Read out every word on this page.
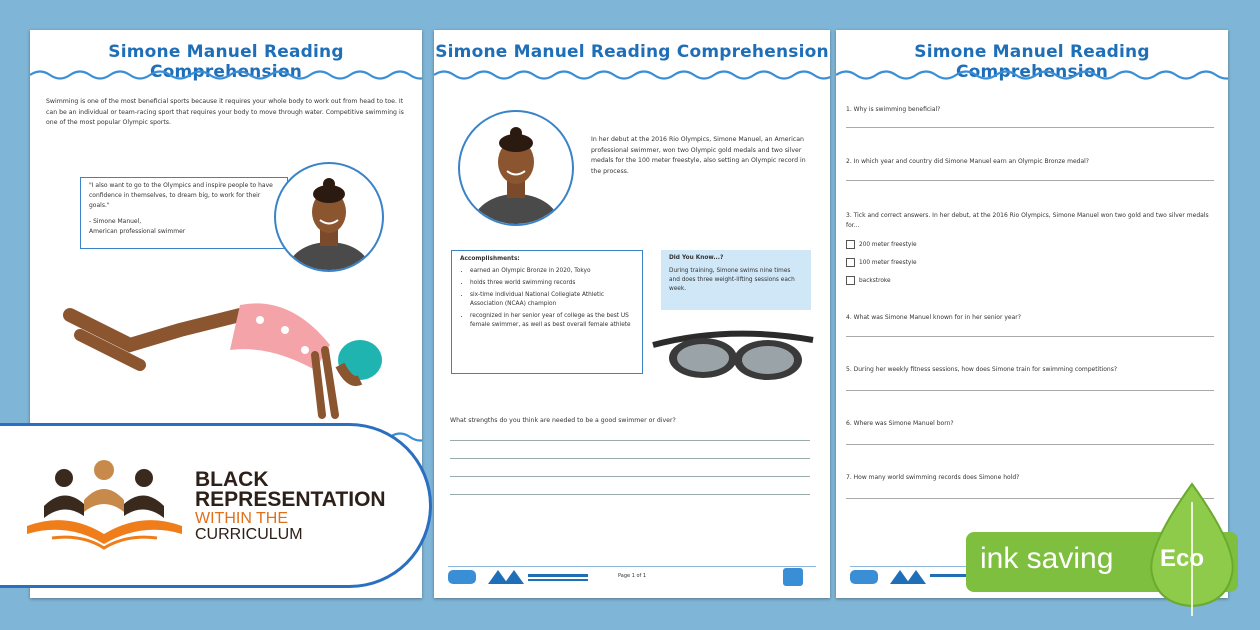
Simone Manuel Reading Comprehension
Swimming is one of the most beneficial sports because it requires your whole body to work out from head to toe. It can be an individual or team-racing sport that requires your body to move through water. Competitive swimming is one of the most popular Olympic sports.
"I also want to go to the Olympics and inspire people to have confidence in themselves, to dream big, to work for their goals."
- Simone Manuel,
American professional swimmer
Simone Manuel Reading Comprehension
In her debut at the 2016 Rio Olympics, Simone Manuel, an American professional swimmer, won two Olympic gold medals and two silver medals for the 100 meter freestyle, also setting an Olympic record in the process.
Accomplishments:
• earned an Olympic Bronze in 2020, Tokyo
• holds three world swimming records
• six-time individual National Collegiate Athletic Association (NCAA) champion
• recognized in her senior year of college as the best US female swimmer, as well as best overall female athlete
Did You Know...?
During training, Simone swims nine times and does three weight-lifting sessions each week.
What strengths do you think are needed to be a good swimmer or diver?
Page 1 of 1
Simone Manuel Reading Comprehension
1. Why is swimming beneficial?
2. In which year and country did Simone Manuel earn an Olympic Bronze medal?
3. Tick and correct answers. In her debut, at the 2016 Rio Olympics, Simone Manuel won two gold and two silver medals for...
200 meter freestyle
100 meter freestyle
backstroke
4. What was Simone Manuel known for in her senior year?
5. During her weekly fitness sessions, how does Simone train for swimming competitions?
6. Where was Simone Manuel born?
7. How many world swimming records does Simone hold?
BLACK
REPRESENTATION
WITHIN THE
CURRICULUM
ink saving Eco
